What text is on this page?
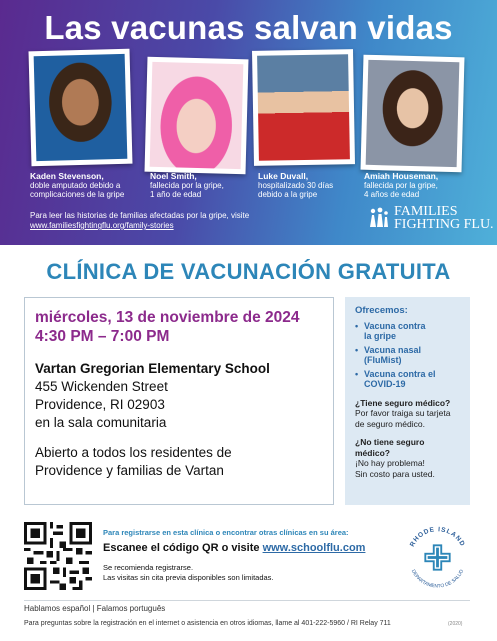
Las vacunas salvan vidas
Kaden Stevenson,
doble amputado debido a
complicaciones de la gripe
Noel Smith,
fallecida por la gripe,
1 año de edad
Luke Duvall,
hospitalizado 30 días
debido a la gripe
Amiah Houseman,
fallecida por la gripe,
4 años de edad
Para leer las historias de familias afectadas por la gripe, visite
www.familiesfightingflu.org/family-stories
FAMILIES
FIGHTING FLU.
CLÍNICA DE VACUNACIÓN GRATUITA
miércoles, 13 de noviembre de 2024
4:30 PM – 7:00 PM
Vartan Gregorian Elementary School
455 Wickenden Street
Providence, RI 02903
en la sala comunitaria
Abierto a todos los residentes de
Providence y familias de Vartan
Ofrecemos:
• Vacuna contra
la gripe
• Vacuna nasal
(FluMist)
• Vacuna contra el
COVID-19

¿Tiene seguro médico?
Por favor traiga su tarjeta de seguro médico.

¿No tiene seguro médico?
¡No hay problema!
Sin costo para usted.

Para registrarse en esta clínica o encontrar otras clínicas en su área:
Escanee el código QR o visite www.schoolflu.com
Se recomienda registrarse.
Las visitas sin cita previa disponibles son limitadas.
RHODE ISLAND
DEPARTAMENTO DE SALUD
Hablamos español | Falamos português
Para preguntas sobre la registración en el internet o asistencia en otros idiomas, llame al 401-222-5960 / RI Relay 711	(2020)
